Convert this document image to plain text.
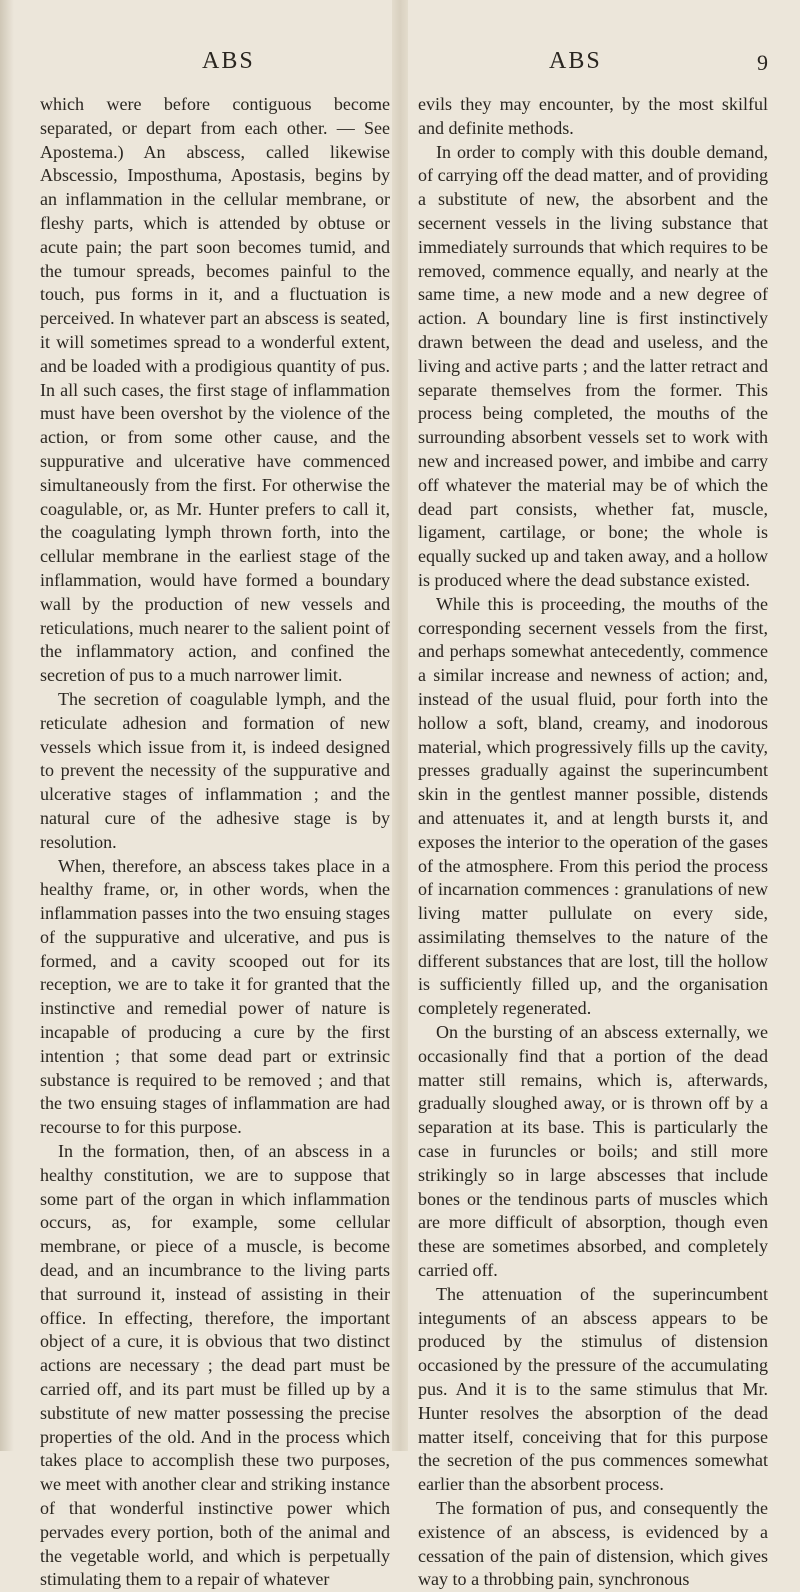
ABS	ABS	9

which were before contiguous become separated, or depart from each other. — See Apostema.) An abscess, called likewise Abscessio, Imposthuma, Apostasis, begins by an inflammation in the cellular membrane, or fleshy parts, which is attended by obtuse or acute pain; the part soon becomes tumid, and the tumour spreads, becomes painful to the touch, pus forms in it, and a fluctuation is perceived. In whatever part an abscess is seated, it will sometimes spread to a wonderful extent, and be loaded with a prodigious quantity of pus. In all such cases, the first stage of inflammation must have been overshot by the violence of the action, or from some other cause, and the suppurative and ulcerative have commenced simultaneously from the first. For otherwise the coagulable, or, as Mr. Hunter prefers to call it, the coagulating lymph thrown forth, into the cellular membrane in the earliest stage of the inflammation, would have formed a boundary wall by the production of new vessels and reticulations, much nearer to the salient point of the inflammatory action, and confined the secretion of pus to a much narrower limit.

The secretion of coagulable lymph, and the reticulate adhesion and formation of new vessels which issue from it, is indeed designed to prevent the necessity of the suppurative and ulcerative stages of inflammation ; and the natural cure of the adhesive stage is by resolution.

When, therefore, an abscess takes place in a healthy frame, or, in other words, when the inflammation passes into the two ensuing stages of the suppurative and ulcerative, and pus is formed, and a cavity scooped out for its reception, we are to take it for granted that the instinctive and remedial power of nature is incapable of producing a cure by the first intention ; that some dead part or extrinsic substance is required to be removed ; and that the two ensuing stages of inflammation are had recourse to for this purpose.

In the formation, then, of an abscess in a healthy constitution, we are to suppose that some part of the organ in which inflammation occurs, as, for example, some cellular membrane, or piece of a muscle, is become dead, and an incumbrance to the living parts that surround it, instead of assisting in their office. In effecting, therefore, the important object of a cure, it is obvious that two distinct actions are necessary ; the dead part must be carried off, and its part must be filled up by a substitute of new matter possessing the precise properties of the old. And in the process which takes place to accomplish these two purposes, we meet with another clear and striking instance of that wonderful instinctive power which pervades every portion, both of the animal and the vegetable world, and which is perpetually stimulating them to a repair of whatever

evils they may encounter, by the most skilful and definite methods.

In order to comply with this double demand, of carrying off the dead matter, and of providing a substitute of new, the absorbent and the secernent vessels in the living substance that immediately surrounds that which requires to be removed, commence equally, and nearly at the same time, a new mode and a new degree of action. A boundary line is first instinctively drawn between the dead and useless, and the living and active parts ; and the latter retract and separate themselves from the former. This process being completed, the mouths of the surrounding absorbent vessels set to work with new and increased power, and imbibe and carry off whatever the material may be of which the dead part consists, whether fat, muscle, ligament, cartilage, or bone; the whole is equally sucked up and taken away, and a hollow is produced where the dead substance existed.

While this is proceeding, the mouths of the corresponding secernent vessels from the first, and perhaps somewhat antecedently, commence a similar increase and newness of action; and, instead of the usual fluid, pour forth into the hollow a soft, bland, creamy, and inodorous material, which progressively fills up the cavity, presses gradually against the superincumbent skin in the gentlest manner possible, distends and attenuates it, and at length bursts it, and exposes the interior to the operation of the gases of the atmosphere. From this period the process of incarnation commences : granulations of new living matter pullulate on every side, assimilating themselves to the nature of the different substances that are lost, till the hollow is sufficiently filled up, and the organisation completely regenerated.

On the bursting of an abscess externally, we occasionally find that a portion of the dead matter still remains, which is, afterwards, gradually sloughed away, or is thrown off by a separation at its base. This is particularly the case in furuncles or boils; and still more strikingly so in large abscesses that include bones or the tendinous parts of muscles which are more difficult of absorption, though even these are sometimes absorbed, and completely carried off.

The attenuation of the superincumbent integuments of an abscess appears to be produced by the stimulus of distension occasioned by the pressure of the accumulating pus. And it is to the same stimulus that Mr. Hunter resolves the absorption of the dead matter itself, conceiving that for this purpose the secretion of the pus commences somewhat earlier than the absorbent process.

The formation of pus, and consequently the existence of an abscess, is evidenced by a cessation of the pain of distension, which gives way to a throbbing pain, synchronous
